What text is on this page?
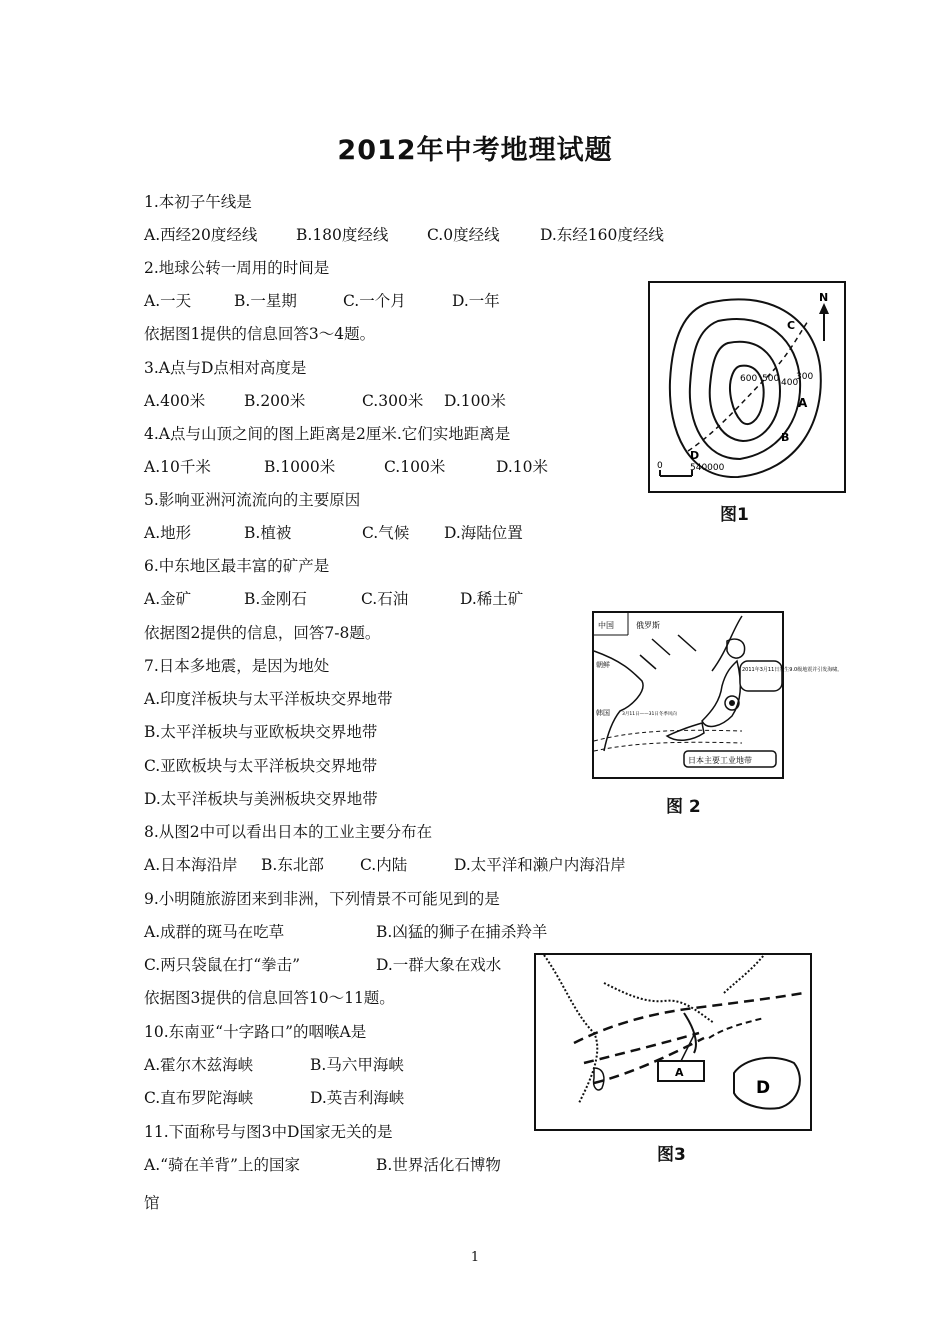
2012年中考地理试题
1.本初子午线是
A.西经20度经线 B.180度经线 C.0度经线	D.东经160度经线
2.地球公转一周用的时间是
A.一天	B.一星期	C.一个月	D.一年
依据图1提供的信息回答3～4题。
3.A点与D点相对高度是
A.400米	B.200米	C.300米 D.100米
4.A点与山顶之间的图上距离是2厘米.它们实地距离是
A.10千米	B.1000米	C.100米	D.10米
5.影响亚洲河流流向的主要原因
A.地形	B.植被	C.气候 D.海陆位置
6.中东地区最丰富的矿产是
A.金矿	B.金刚石	C.石油	D.稀土矿
依据图2提供的信息，回答7-8题。
7.日本多地震，是因为地处
A.印度洋板块与太平洋板块交界地带
B.太平洋板块与亚欧板块交界地带
C.亚欧板块与太平洋板块交界地带
D.太平洋板块与美洲板块交界地带
8.从图2中可以看出日本的工业主要分布在
A.日本海沿岸 B.东北部 C.内陆	D.太平洋和濑户内海沿岸
9.小明随旅游团来到非洲，下列情景不可能见到的是
A.成群的斑马在吃草	B.凶猛的狮子在捕杀羚羊
C.两只袋鼠在打“拳击”	D.一群大象在戏水
依据图3提供的信息回答10～11题。
10.东南亚“十字路口”的咽喉A是
A.霍尔木兹海峡	B.马六甲海峡
C.直布罗陀海峡	D.英吉利海峡
11.下面称号与图3中D国家无关的是
A.“骑在羊背”上的国家	B.世界活化石博物
馆
N
300
400
500
600
A
B
C
D
0	540000
图1
2011年3月11日发生9.0级地震并引发海啸。
日本主要工业地带
中国	俄罗斯
朝鲜
韩国	3月11日——31日冬季风向
图 2
A
D
图3
1
